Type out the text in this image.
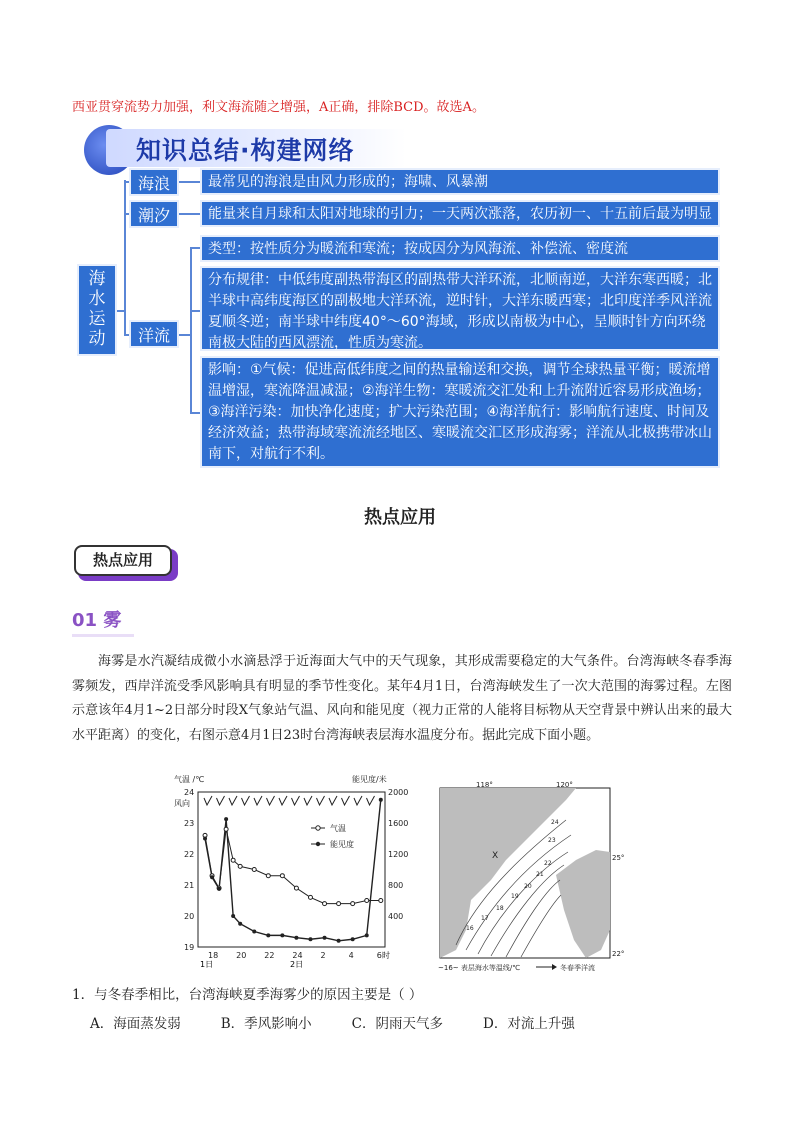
西亚贯穿流势力加强，利文海流随之增强，A正确，排除BCD。故选A。
知识总结·构建网络
海
水
运
动
海浪
潮汐
洋流
最常见的海浪是由风力形成的；海啸、风暴潮
能量来自月球和太阳对地球的引力；一天两次涨落，农历初一、十五前后最为明显
类型：按性质分为暖流和寒流；按成因分为风海流、补偿流、密度流
分布规律：中低纬度副热带海区的副热带大洋环流，北顺南逆，大洋东寒西暖；北半球中高纬度海区的副极地大洋环流，逆时针，大洋东暖西寒；北印度洋季风洋流夏顺冬逆；南半球中纬度40°～60°海域，形成以南极为中心，呈顺时针方向环绕南极大陆的西风漂流，性质为寒流。
影响：①气候：促进高低纬度之间的热量输送和交换，调节全球热量平衡；暖流增温增湿，寒流降温减湿；②海洋生物：寒暖流交汇处和上升流附近容易形成渔场；③海洋污染：加快净化速度；扩大污染范围；④海洋航行：影响航行速度、时间及经济效益；热带海域寒流流经地区、寒暖流交汇区形成海雾；洋流从北极携带冰山南下，对航行不利。
热点应用
热点应用
01 雾
海雾是水汽凝结成微小水滴悬浮于近海面大气中的天气现象，其形成需要稳定的大气条件。台湾海峡冬春季海雾频发，西岸洋流受季风影响具有明显的季节性变化。某年4月1日，台湾海峡发生了一次大范围的海雾过程。左图示意该年4月1~2日部分时段X气象站气温、风向和能见度（视力正常的人能将目标物从天空背景中辨认出来的最大水平距离）的变化，右图示意4月1日23时台湾海峡表层海水温度分布。据此完成下面小题。
气温 /℃	能见度/米
风向
24
23
22
21
20
19
2000
1600
1200
800
400
18 20 22 24 2	4	6 时
1日	2日
气温
能见度
118°	120°
25°
22°
X
16
17
18
19
20
21
22
23
24
~16~ 表层海水等温线/℃	冬春季洋流
1．与冬春季相比，台湾海峡夏季海雾少的原因主要是（ ）
A．海面蒸发弱	B．季风影响小	C．阴雨天气多	D．对流上升强
